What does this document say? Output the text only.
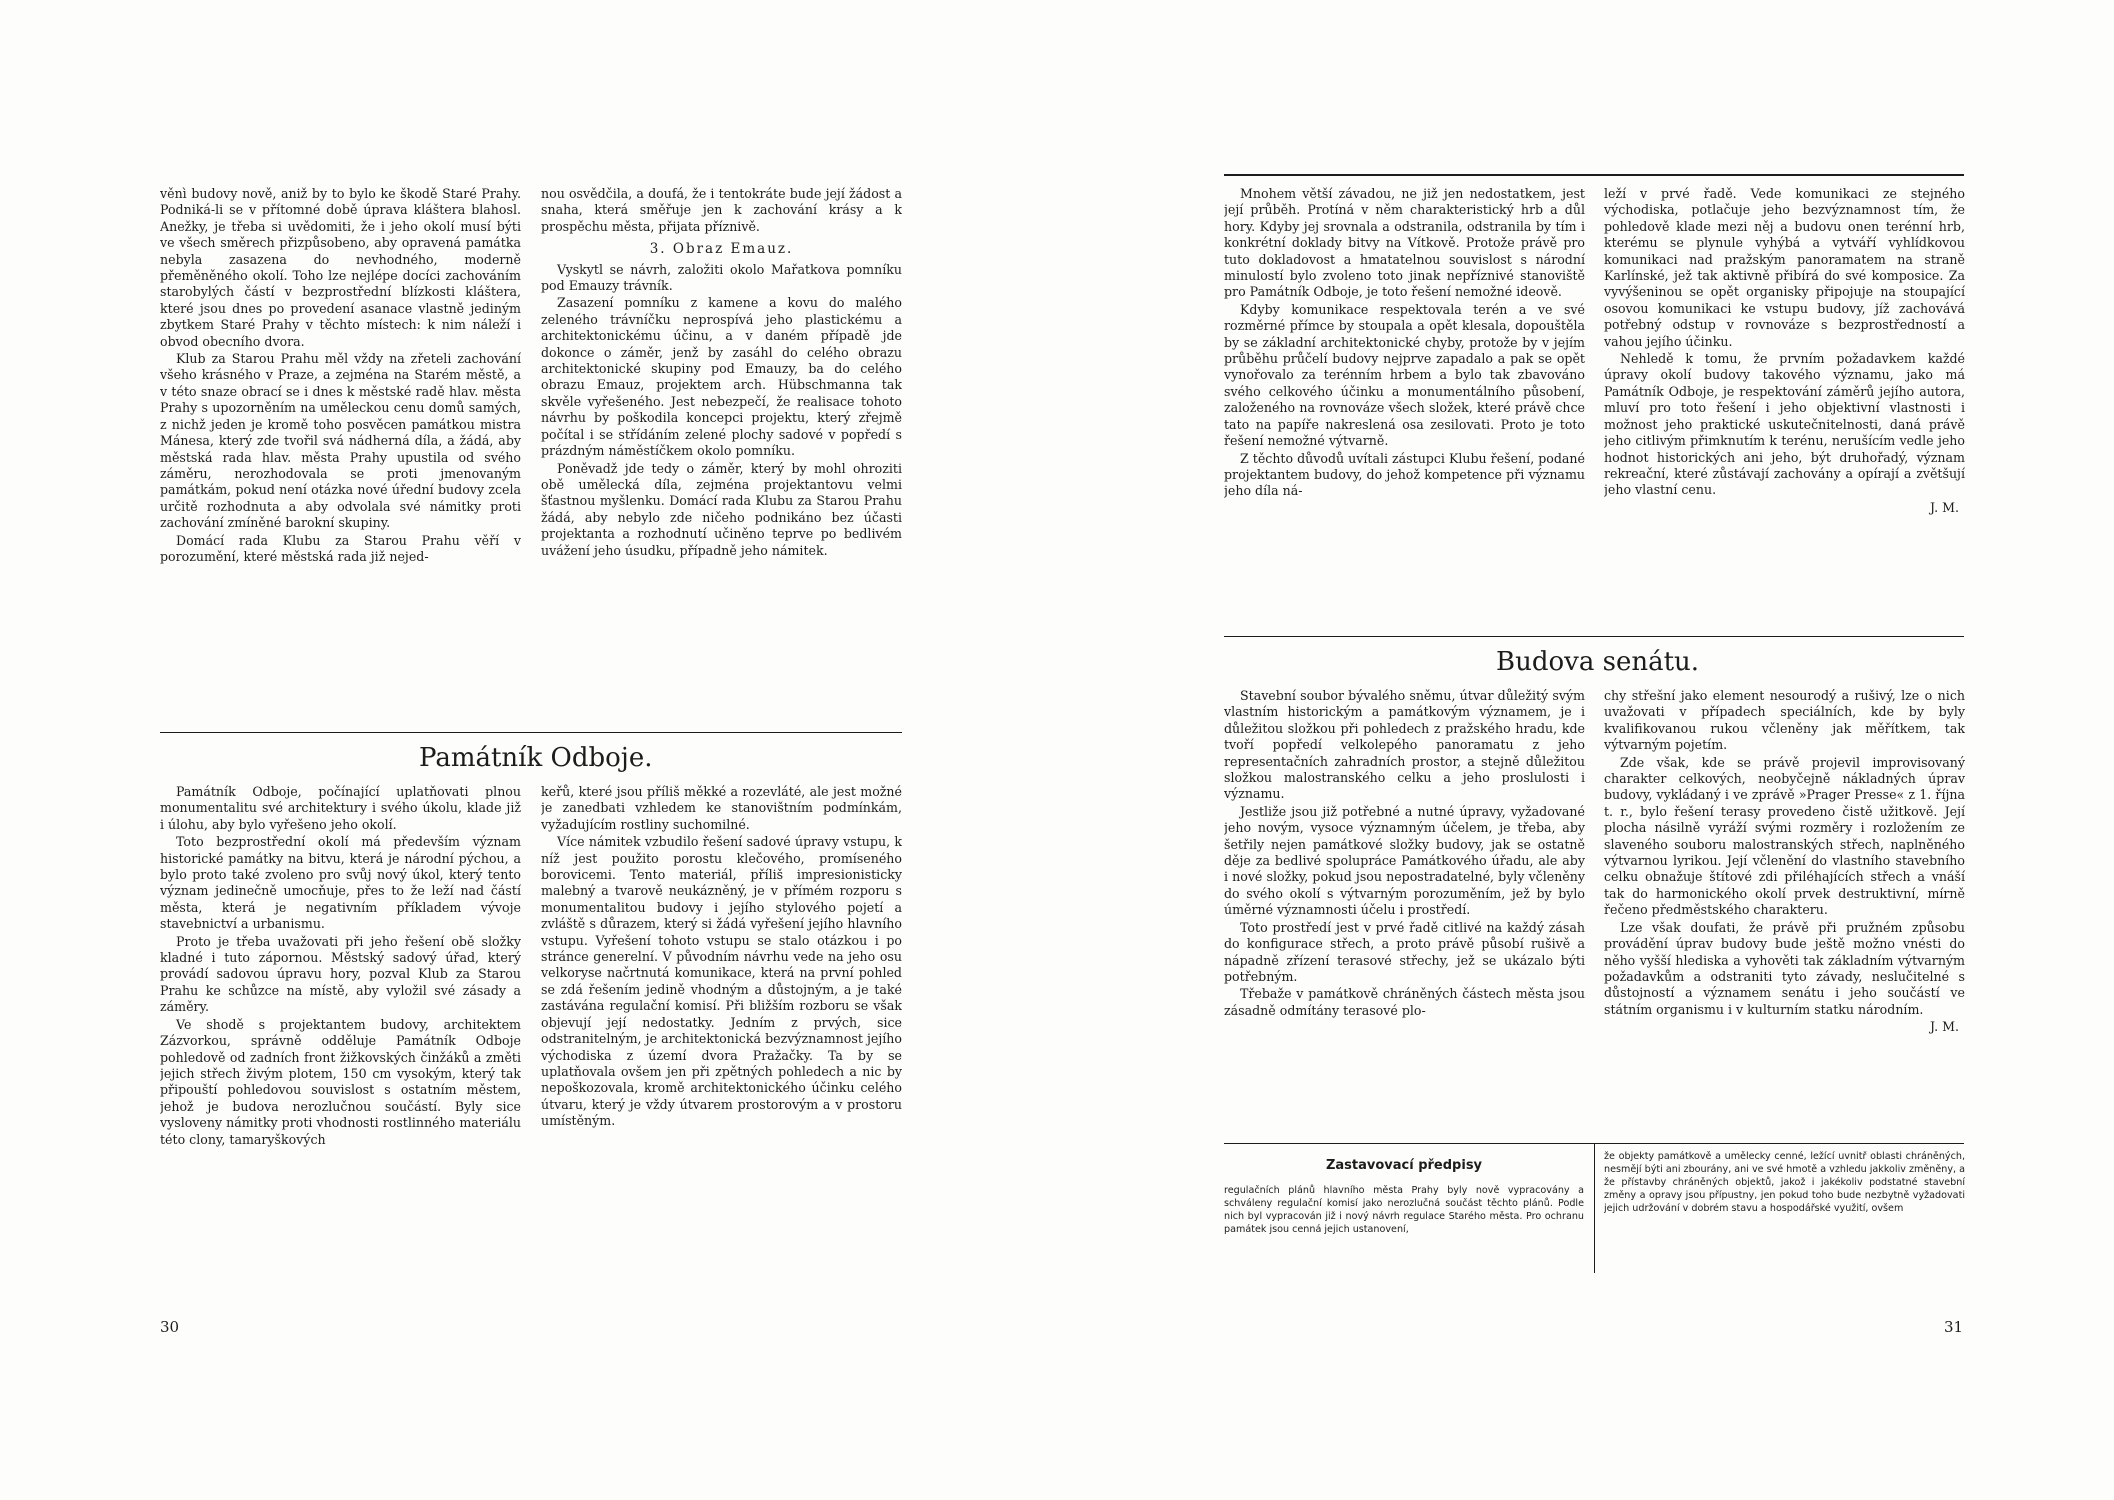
věnì budovy nově, aniž by to bylo ke škodě Staré Prahy. Podniká-li se v přítomné době úprava kláštera blahosl. Anežky, je třeba si uvědomiti, že i jeho okolí musí býti ve všech směrech přizpůsobeno, aby opravená památka nebyla zasazena do nevhodného, moderně přeměněného okolí. Toho lze nejlépe docíci zachováním starobylých částí v bezprostřední blízkosti kláštera, které jsou dnes po provedení asanace vlastně jediným zbytkem Staré Prahy v těchto místech: k nim náleží i obvod obecního dvora.

Klub za Starou Prahu měl vždy na zřeteli zachování všeho krásného v Praze, a zejména na Starém městě, a v této snaze obrací se i dnes k městské radě hlav. města Prahy s upozorněním na uměleckou cenu domů samých, z nichž jeden je kromě toho posvěcen památkou mistra Mánesa, který zde tvořil svá nádherná díla, a žádá, aby městská rada hlav. města Prahy upustila od svého záměru, nerozhodovala se proti jmenovaným památkám, pokud není otázka nové úřední budovy zcela určitě rozhodnuta a aby odvolala své námitky proti zachování zmíněné barokní skupiny.

Domácí rada Klubu za Starou Prahu věří v porozumění, které městská rada již nejed-

nou osvědčila, a doufá, že i tentokráte bude její žádost a snaha, která směřuje jen k zachování krásy a k prospěchu města, přijata příznivě.

3. Obraz Emauz.

Vyskytl se návrh, založiti okolo Mařatkova pomníku pod Emauzy trávník.

Zasazení pomníku z kamene a kovu do malého zeleného trávníčku neprospívá jeho plastickému a architektonickému účinu, a v daném případě jde dokonce o záměr, jenž by zasáhl do celého obrazu architektonické skupiny pod Emauzy, ba do celého obrazu Emauz, projektem arch. Hübschmanna tak skvěle vyřešeného. Jest nebezpečí, že realisace tohoto návrhu by poškodila koncepci projektu, který zřejmě počítal i se střídáním zelené plochy sadové v popředí s prázdným náměstíčkem okolo pomníku.

Poněvadž jde tedy o záměr, který by mohl ohroziti obě umělecká díla, zejména projektantovu velmi šťastnou myšlenku. Domácí rada Klubu za Starou Prahu žádá, aby nebylo zde ničeho podnikáno bez účasti projektanta a rozhodnutí učiněno teprve po bedlivém uvážení jeho úsudku, případně jeho námitek.

Památník Odboje.

Památník Odboje, počínající uplatňovati plnou monumentalitu své architektury i svého úkolu, klade již i úlohu, aby bylo vyřešeno jeho okolí.

Toto bezprostřední okolí má především význam historické památky na bitvu, která je národní pýchou, a bylo proto také zvoleno pro svůj nový úkol, který tento význam jedinečně umocňuje, přes to že leží nad částí města, která je negativním příkladem vývoje stavebnictví a urbanismu.

Proto je třeba uvažovati při jeho řešení obě složky kladné i tuto zápornou. Městský sadový úřad, který provádí sadovou úpravu hory, pozval Klub za Starou Prahu ke schůzce na místě, aby vyložil své zásady a záměry.

Ve shodě s projektantem budovy, architektem Zázvorkou, správně odděluje Památník Odboje pohledově od zadních front žižkovských činžáků a změti jejich střech živým plotem, 150 cm vysokým, který tak připouští pohledovou souvislost s ostatním městem, jehož je budova nerozlučnou součástí. Byly sice vysloveny námitky proti vhodnosti rostlinného materiálu této clony, tamaryškových

keřů, které jsou příliš měkké a rozevláté, ale jest možné je zanedbati vzhledem ke stanovištním podmínkám, vyžadujícím rostliny suchomilné.

Více námitek vzbudilo řešení sadové úpravy vstupu, k níž jest použito porostu klečového, promíseného borovicemi. Tento materiál, příliš impresionisticky malebný a tvarově neukázněný, je v přímém rozporu s monumentalitou budovy i jejího stylového pojetí a zvláště s důrazem, který si žádá vyřešení jejího hlavního vstupu. Vyřešení tohoto vstupu se stalo otázkou i po stránce generelní. V původním návrhu vede na jeho osu velkoryse načrtnutá komunikace, která na první pohled se zdá řešením jedině vhodným a důstojným, a je také zastávána regulační komisí. Při bližším rozboru se však objevují její nedostatky. Jedním z prvých, sice odstranitelným, je architektonická bezvýznamnost jejího východiska z území dvora Pražačky. Ta by se uplatňovala ovšem jen při zpětných pohledech a nic by nepoškozovala, kromě architektonického účinku celého útvaru, který je vždy útvarem prostorovým a v prostoru umístěným.

30

Mnohem větší závadou, ne již jen nedostatkem, jest její průběh. Protíná v něm charakteristický hrb a důl hory. Kdyby jej srovnala a odstranila, odstranila by tím i konkrétní doklady bitvy na Vítkově. Protože právě pro tuto dokladovost a hmatatelnou souvislost s národní minulostí bylo zvoleno toto jinak nepříznivé stanoviště pro Památník Odboje, je toto řešení nemožné ideově.

Kdyby komunikace respektovala terén a ve své rozměrné přímce by stoupala a opět klesala, dopouštěla by se základní architektonické chyby, protože by v jejím průběhu průčelí budovy nejprve zapadalo a pak se opět vynořovalo za terénním hrbem a bylo tak zbavováno svého celkového účinku a monumentálního působení, založeného na rovnováze všech složek, které právě chce tato na papíře nakreslená osa zesilovati. Proto je toto řešení nemožné výtvarně.

Z těchto důvodů uvítali zástupci Klubu řešení, podané projektantem budovy, do jehož kompetence při významu jeho díla ná-

leží v prvé řadě. Vede komunikaci ze stejného východiska, potlačuje jeho bezvýznamnost tím, že pohledově klade mezi něj a budovu onen terénní hrb, kterému se plynule vyhýbá a vytváří vyhlídkovou komunikaci nad pražským panoramatem na straně Karlínské, jež tak aktivně přibírá do své komposice. Za vyvýšeninou se opět organisky připojuje na stoupající osovou komunikaci ke vstupu budovy, jíž zachovává potřebný odstup v rovnováze s bezprostředností a vahou jejího účinku.

Nehledě k tomu, že prvním požadavkem každé úpravy okolí budovy takového významu, jako má Památník Odboje, je respektování záměrů jejího autora, mluví pro toto řešení i jeho objektivní vlastnosti i možnost jeho praktické uskutečnitelnosti, daná právě jeho citlivým přimknutím k terénu, nerušícím vedle jeho hodnot historických ani jeho, být druhořadý, význam rekreační, které zůstávají zachovány a opírají a zvětšují jeho vlastní cenu.

J. M.

Budova senátu.

Stavební soubor bývalého sněmu, útvar důležitý svým vlastním historickým a památkovým významem, je i důležitou složkou při pohledech z pražského hradu, kde tvoří popředí velkolepého panoramatu z jeho representačních zahradních prostor, a stejně důležitou složkou malostranského celku a jeho proslulosti i významu.

Jestliže jsou již potřebné a nutné úpravy, vyžadované jeho novým, vysoce významným účelem, je třeba, aby šetřily nejen památkové složky budovy, jak se ostatně děje za bedlivé spolupráce Památkového úřadu, ale aby i nové složky, pokud jsou nepostradatelné, byly včleněny do svého okolí s výtvarným porozuměním, jež by bylo úměrné významnosti účelu i prostředí.

Toto prostředí jest v prvé řadě citlivé na každý zásah do konfigurace střech, a proto právě působí rušivě a nápadně zřízení terasové střechy, jež se ukázalo býti potřebným.

Třebaže v památkově chráněných částech města jsou zásadně odmítány terasové plo-

chy střešní jako element nesourodý a rušivý, lze o nich uvažovati v případech speciálních, kde by byly kvalifikovanou rukou včleněny jak měřítkem, tak výtvarným pojetím.

Zde však, kde se právě projevil improvisovaný charakter celkových, neobyčejně nákladných úprav budovy, vykládaný i ve zprávě »Prager Presse« z 1. října t. r., bylo řešení terasy provedeno čistě užitkově. Její plocha násilně vyráží svými rozměry i rozložením ze slaveného souboru malostranských střech, naplněného výtvarnou lyrikou. Její včlenění do vlastního stavebního celku obnažuje štítové zdi přiléhajících střech a vnáší tak do harmonického okolí prvek destruktivní, mírně řečeno předměstského charakteru.

Lze však doufati, že právě při pružném způsobu provádění úprav budovy bude ještě možno vnésti do něho vyšší hlediska a vyhověti tak základním výtvarným požadavkům a odstraniti tyto závady, neslučitelné s důstojností a významem senátu i jeho součástí ve státním organismu i v kulturním statku národním.

J. M.

Zastavovací předpisy

regulačních plánů hlavního města Prahy byly nově vypracovány a schváleny regulační komisí jako nerozlučná součást těchto plánů. Podle nich byl vypracován již i nový návrh regulace Starého města. Pro ochranu památek jsou cenná jejich ustanovení,

že objekty památkově a umělecky cenné, ležící uvnitř oblasti chráněných, nesmějí býti ani zbourány, ani ve své hmotě a vzhledu jakkoliv změněny, a že přístavby chráněných objektů, jakož i jakékoliv podstatné stavební změny a opravy jsou přípustny, jen pokud toho bude nezbytně vyžadovati jejich udržování v dobrém stavu a hospodářské využití, ovšem

31
